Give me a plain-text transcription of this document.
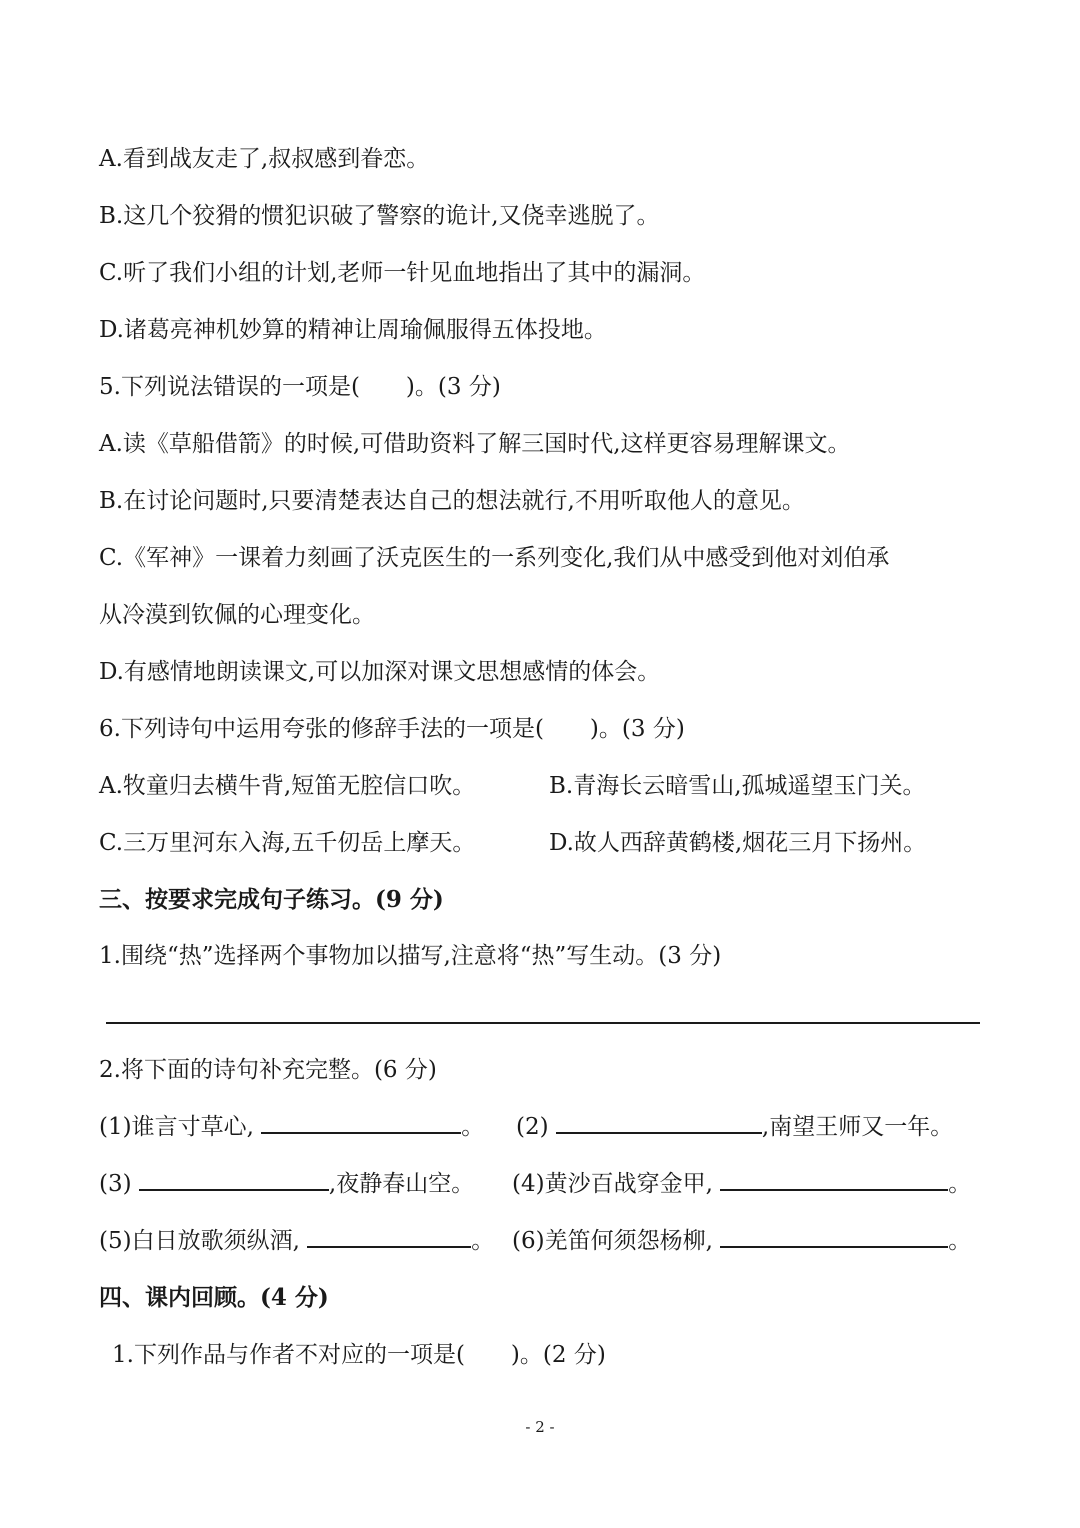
A.看到战友走了,叔叔感到眷恋。
B.这几个狡猾的惯犯识破了警察的诡计,又侥幸逃脱了。
C.听了我们小组的计划,老师一针见血地指出了其中的漏洞。
D.诸葛亮神机妙算的精神让周瑜佩服得五体投地。
5.下列说法错误的一项是( )。(3 分)
A.读《草船借箭》的时候,可借助资料了解三国时代,这样更容易理解课文。
B.在讨论问题时,只要清楚表达自己的想法就行,不用听取他人的意见。
C.《军神》一课着力刻画了沃克医生的一系列变化,我们从中感受到他对刘伯承
从冷漠到钦佩的心理变化。
D.有感情地朗读课文,可以加深对课文思想感情的体会。
6.下列诗句中运用夸张的修辞手法的一项是( )。(3 分)
A.牧童归去横牛背,短笛无腔信口吹。	B.青海长云暗雪山,孤城遥望玉门关。
C.三万里河东入海,五千仞岳上摩天。	D.故人西辞黄鹤楼,烟花三月下扬州。
三、按要求完成句子练习。(9 分)
1.围绕“热”选择两个事物加以描写,注意将“热”写生动。(3 分)
2.将下面的诗句补充完整。(6 分)
(1)谁言寸草心,	。 (2)	,南望王师又一年。
(3)	,夜静春山空。 (4)黄沙百战穿金甲,	。
(5)白日放歌须纵酒,	。 (6)羌笛何须怨杨柳,	。
四、课内回顾。(4 分)
1.下列作品与作者不对应的一项是( )。(2 分)
- 2 -
